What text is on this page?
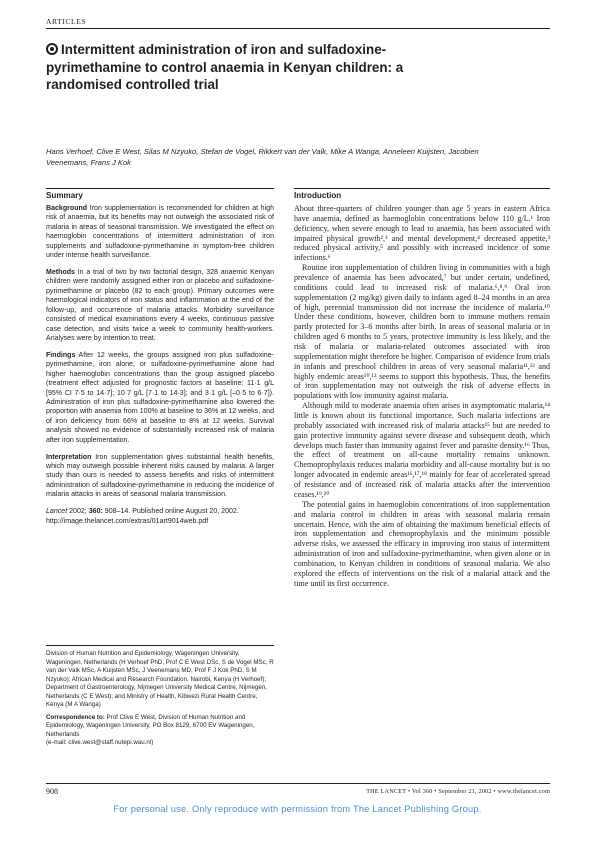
ARTICLES
Intermittent administration of iron and sulfadoxine-pyrimethamine to control anaemia in Kenyan children: a randomised controlled trial
Hans Verhoef, Clive E West, Silas M Nzyuko, Stefan de Vogel, Rikkert van der Valk, Mike A Wanga, Anneleen Kuijsten, Jacobien Veenemans, Frans J Kok
Summary

Background Iron supplementation is recommended for children at high risk of anaemia, but its benefits may not outweigh the associated risk of malaria in areas of seasonal transmission. We investigated the effect on haemoglobin concentrations of intermittent administration of iron supplements and sulfadoxine-pyrimethamine in symptom-free children under intense health surveillance.

Methods In a trial of two by two factorial design, 328 anaemic Kenyan children were randomly assigned either iron or placebo and sulfadoxine-pyrimethamine or placebo (82 to each group). Primary outcomes were haemological indicators of iron status and inflammation at the end of the follow-up, and occurrence of malaria attacks. Morbidity surveillance consisted of medical examinations every 4 weeks, continuous passive case detection, and visits twice a week to community health-workers. Analyses were by intention to treat.

Findings After 12 weeks, the groups assigned iron plus sulfadoxine-pyrimethamine, iron alone, or sulfadoxine-pyrimethamine alone had higher haemoglobin concentrations than the group assigned placebo (treatment effect adjusted for prognostic factors at baseline: 11·1 g/L [95% CI 7·5 to 14·7]; 10·7 g/L [7·1 to 14·3]; and 3·1 g/L [–0·5 to 6·7]). Administration of iron plus sulfadoxine-pyrimethamine also lowered the proportion with anaemia from 100% at baseline to 36% at 12 weeks, and of iron deficiency from 66% at baseline to 8% at 12 weeks. Survival analysis showed no evidence of substantially increased risk of malaria after iron supplementation.

Interpretation Iron supplementation gives substantial health benefits, which may outweigh possible inherent risks caused by malaria. A larger study than ours is needed to assess benefits and risks of intermittent administration of sulfadoxine-pyrimethamine in reducing the incidence of malaria attacks in areas of seasonal malaria transmission.

Lancet 2002; 360: 908–14. Published online August 20, 2002.
http://image.thelancet.com/extras/01art9014web.pdf

Division of Human Nutrition and Epidemiology, Wageningen University, Wageningen, Netherlands (H Verhoef PhD, Prof C E West DSc, S de Vogel MSc, R van der Valk MSc, A Kuijsten MSc, J Veenemans MD, Prof F J Kok PhD, S M Nzyuko); African Medical and Research Foundation, Nairobi, Kenya (H Verhoef); Department of Gastroenterology, Nijmegen University Medical Centre, Nijmegen, Netherlands (C E West); and Ministry of Health, Kibwezi Rural Health Centre, Kenya (M A Wanga)

Correspondence to: Prof Clive E West, Division of Human Nutrition and Epidemiology, Wageningen University, PO Box 8129, 6700 EV Wageningen, Netherlands
(e-mail: clive.west@staff.nutepi.wau.nl)

Introduction

About three-quarters of children younger than age 5 years in eastern Africa have anaemia, defined as haemoglobin concentrations below 110 g/L.¹ Iron deficiency, when severe enough to lead to anaemia, has been associated with impaired physical growth²,³ and mental development,⁴ decreased appetite,³ reduced physical activity,⁵ and possibly with increased incidence of some infections.⁶

Routine iron supplementation of children living in communities with a high prevalence of anaemia has been advocated,⁷ but under certain, undefined, conditions could lead to increased risk of malaria.⁶,⁸,⁹ Oral iron supplementation (2 mg/kg) given daily to infants aged 8–24 months in an area of high, perennial transmission did not increase the incidence of malaria.¹⁰ Under these conditions, however, children born to immune mothers remain partly protected for 3–6 months after birth. In areas of seasonal malaria or in children aged 6 months to 5 years, protective immunity is less likely, and the risk of malaria or malaria-related outcomes associated with iron supplementation might therefore be higher. Comparison of evidence from trials in infants and preschool children in areas of very seasonal malaria¹¹,¹² and highly endemic areas¹⁰,¹³ seems to support this hypothesis. Thus, the benefits of iron supplementation may not outweigh the risk of adverse effects in populations with low immunity against malaria.

Although mild to moderate anaemia often arises in asymptomatic malaria,¹⁴ little is known about its functional importance. Such malaria infections are probably associated with increased risk of malaria attacks¹⁵ but are needed to gain protective immunity against severe disease and subsequent death, which develops much faster than immunity against fever and parasite density.¹⁶ Thus, the effect of treatment on all-cause mortality remains unknown. Chemoprophylaxis reduces malaria morbidity and all-cause mortality but is no longer advocated in endemic areas¹⁶,¹⁷,¹⁸ mainly for fear of accelerated spread of resistance and of increased risk of malaria attacks after the intervention ceases.¹⁹,²⁰

The potential gains in haemoglobin concentrations of iron supplementation and malaria control in children in areas with seasonal malaria remain uncertain. Hence, with the aim of obtaining the maximum beneficial effects of iron supplementation and chemoprophylaxis and the minimum possible adverse risks, we assessed the efficacy in improving iron status of intermittent administration of iron and sulfadoxine-pyrimethamine, when given alone or in combination, to Kenyan children in conditions of seasonal malaria. We also explored the effects of interventions on the risk of a malarial attack and the time until its first occurrence.

908	THE LANCET • Vol 360 • September 21, 2002 • www.thelancet.com
For personal use. Only reproduce with permission from The Lancet Publishing Group.
